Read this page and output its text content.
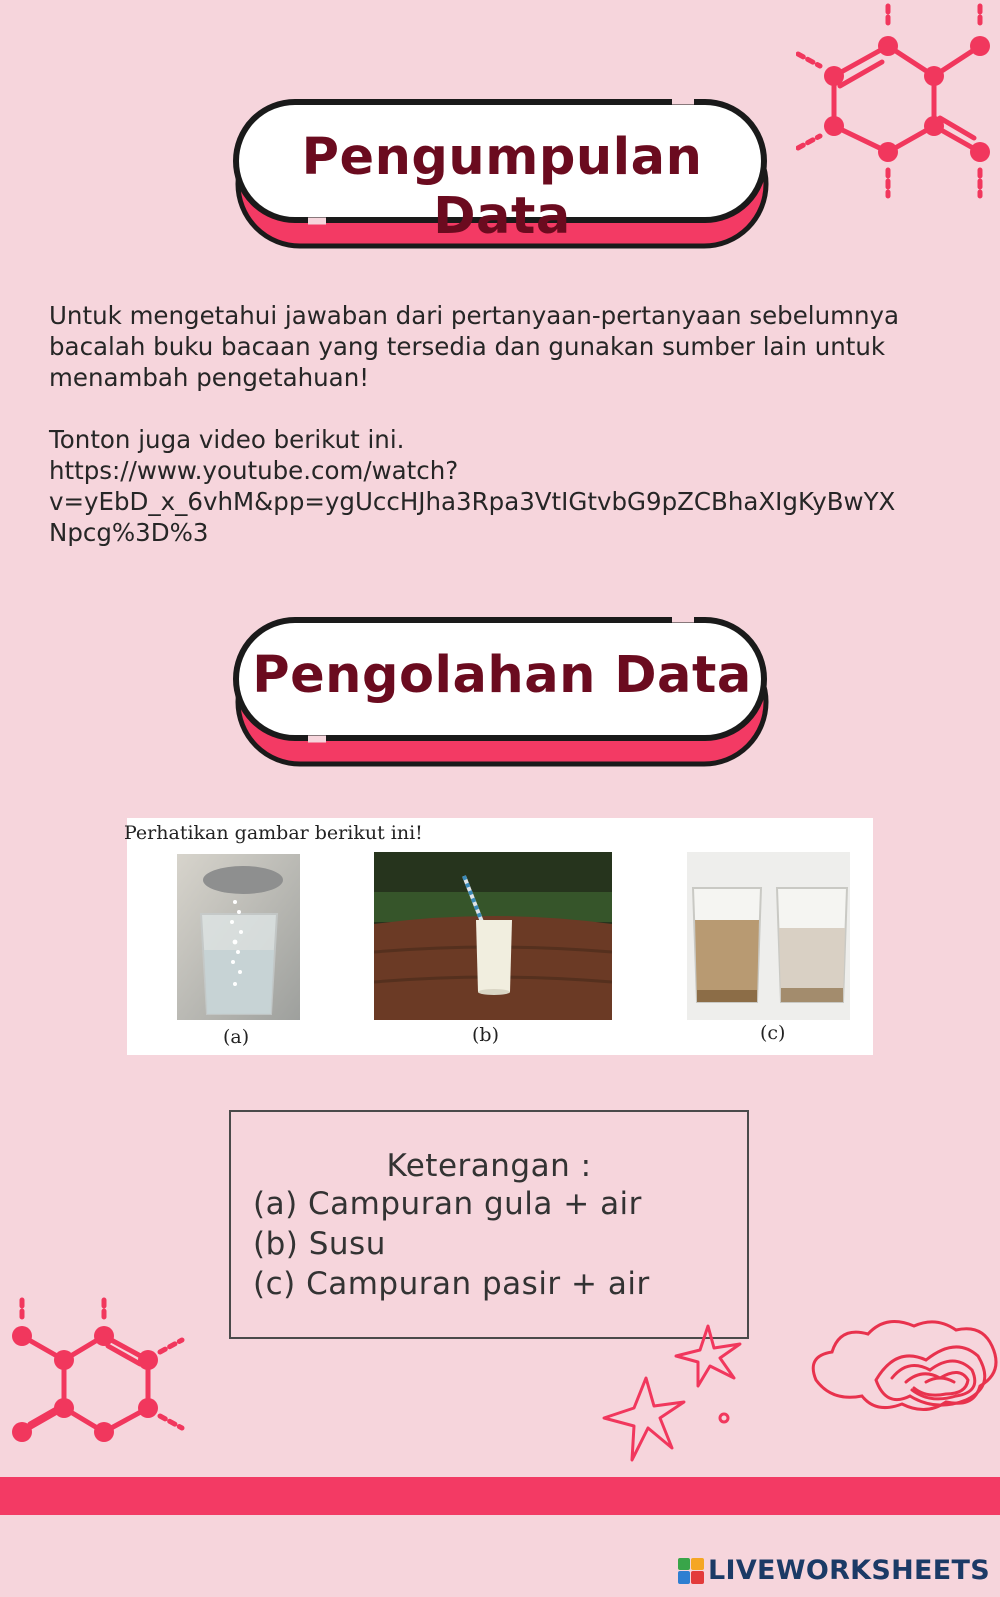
Pengumpulan Data
Untuk mengetahui jawaban dari pertanyaan-pertanyaan sebelumnya
bacalah buku bacaan yang tersedia dan gunakan sumber lain untuk
menambah pengetahuan!
Tonton juga video berikut ini.
https://www.youtube.com/watch?
v=yEbD_x_6vhM&pp=ygUccHJha3Rpa3VtIGtvbG9pZCBhaXIgKyBwYX
Npcg%3D%3
Pengolahan Data
Perhatikan gambar berikut ini!
(a)	(b)	(c)
Keterangan :
(a) Campuran gula + air
(b) Susu
(c) Campuran pasir + air
LIVEWORKSHEETS
